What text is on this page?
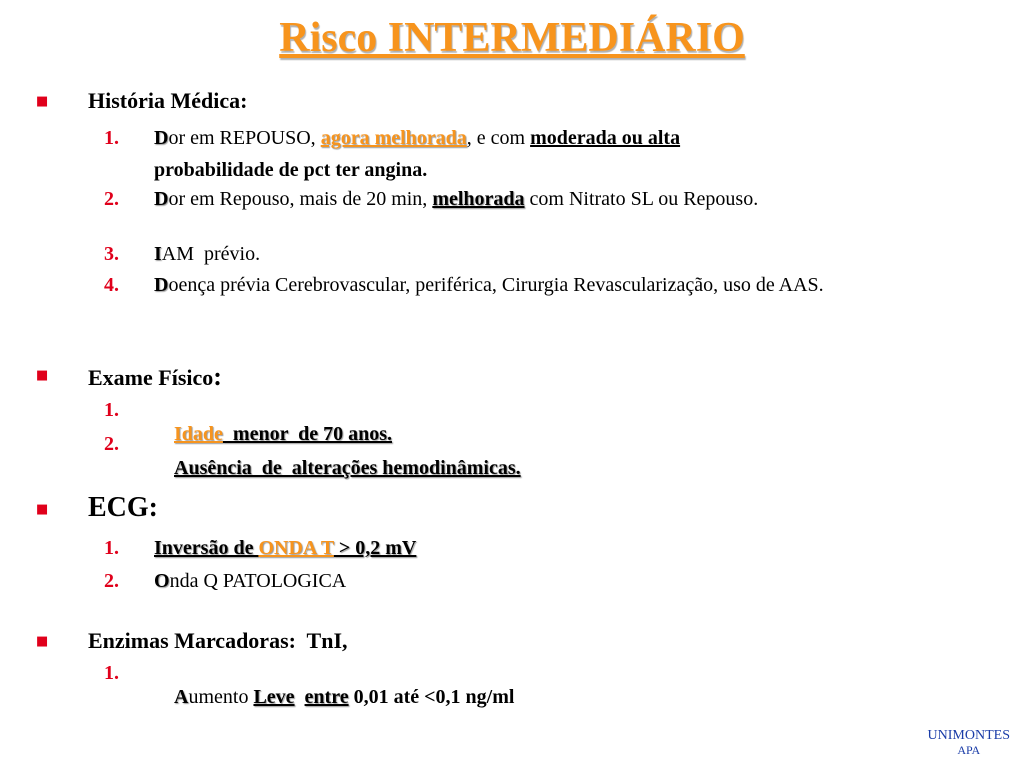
Risco INTERMEDIÁRIO
■ História Médica:
1. Dor em REPOUSO, agora melhorada, e com moderada ou alta
probabilidade de pct ter angina.
2. Dor em Repouso, mais de 20 min, melhorada com Nitrato SL ou Repouso.
3. IAM  prévio.
4. Doença prévia Cerebrovascular, periférica, Cirurgia Revascularização, uso de AAS.
■ Exame Físico:
1.

Idade  menor  de 70 anos.

2.

Ausência  de  alterações hemodinâmicas.

■ ECG:
1. Inversão de ONDA T > 0,2 mV
2. Onda Q PATOLOGICA
■ Enzimas Marcadoras:  TnI,
1.

Aumento Leve entre 0,01 até <0,1 ng/ml

UNIMONTES
APA
